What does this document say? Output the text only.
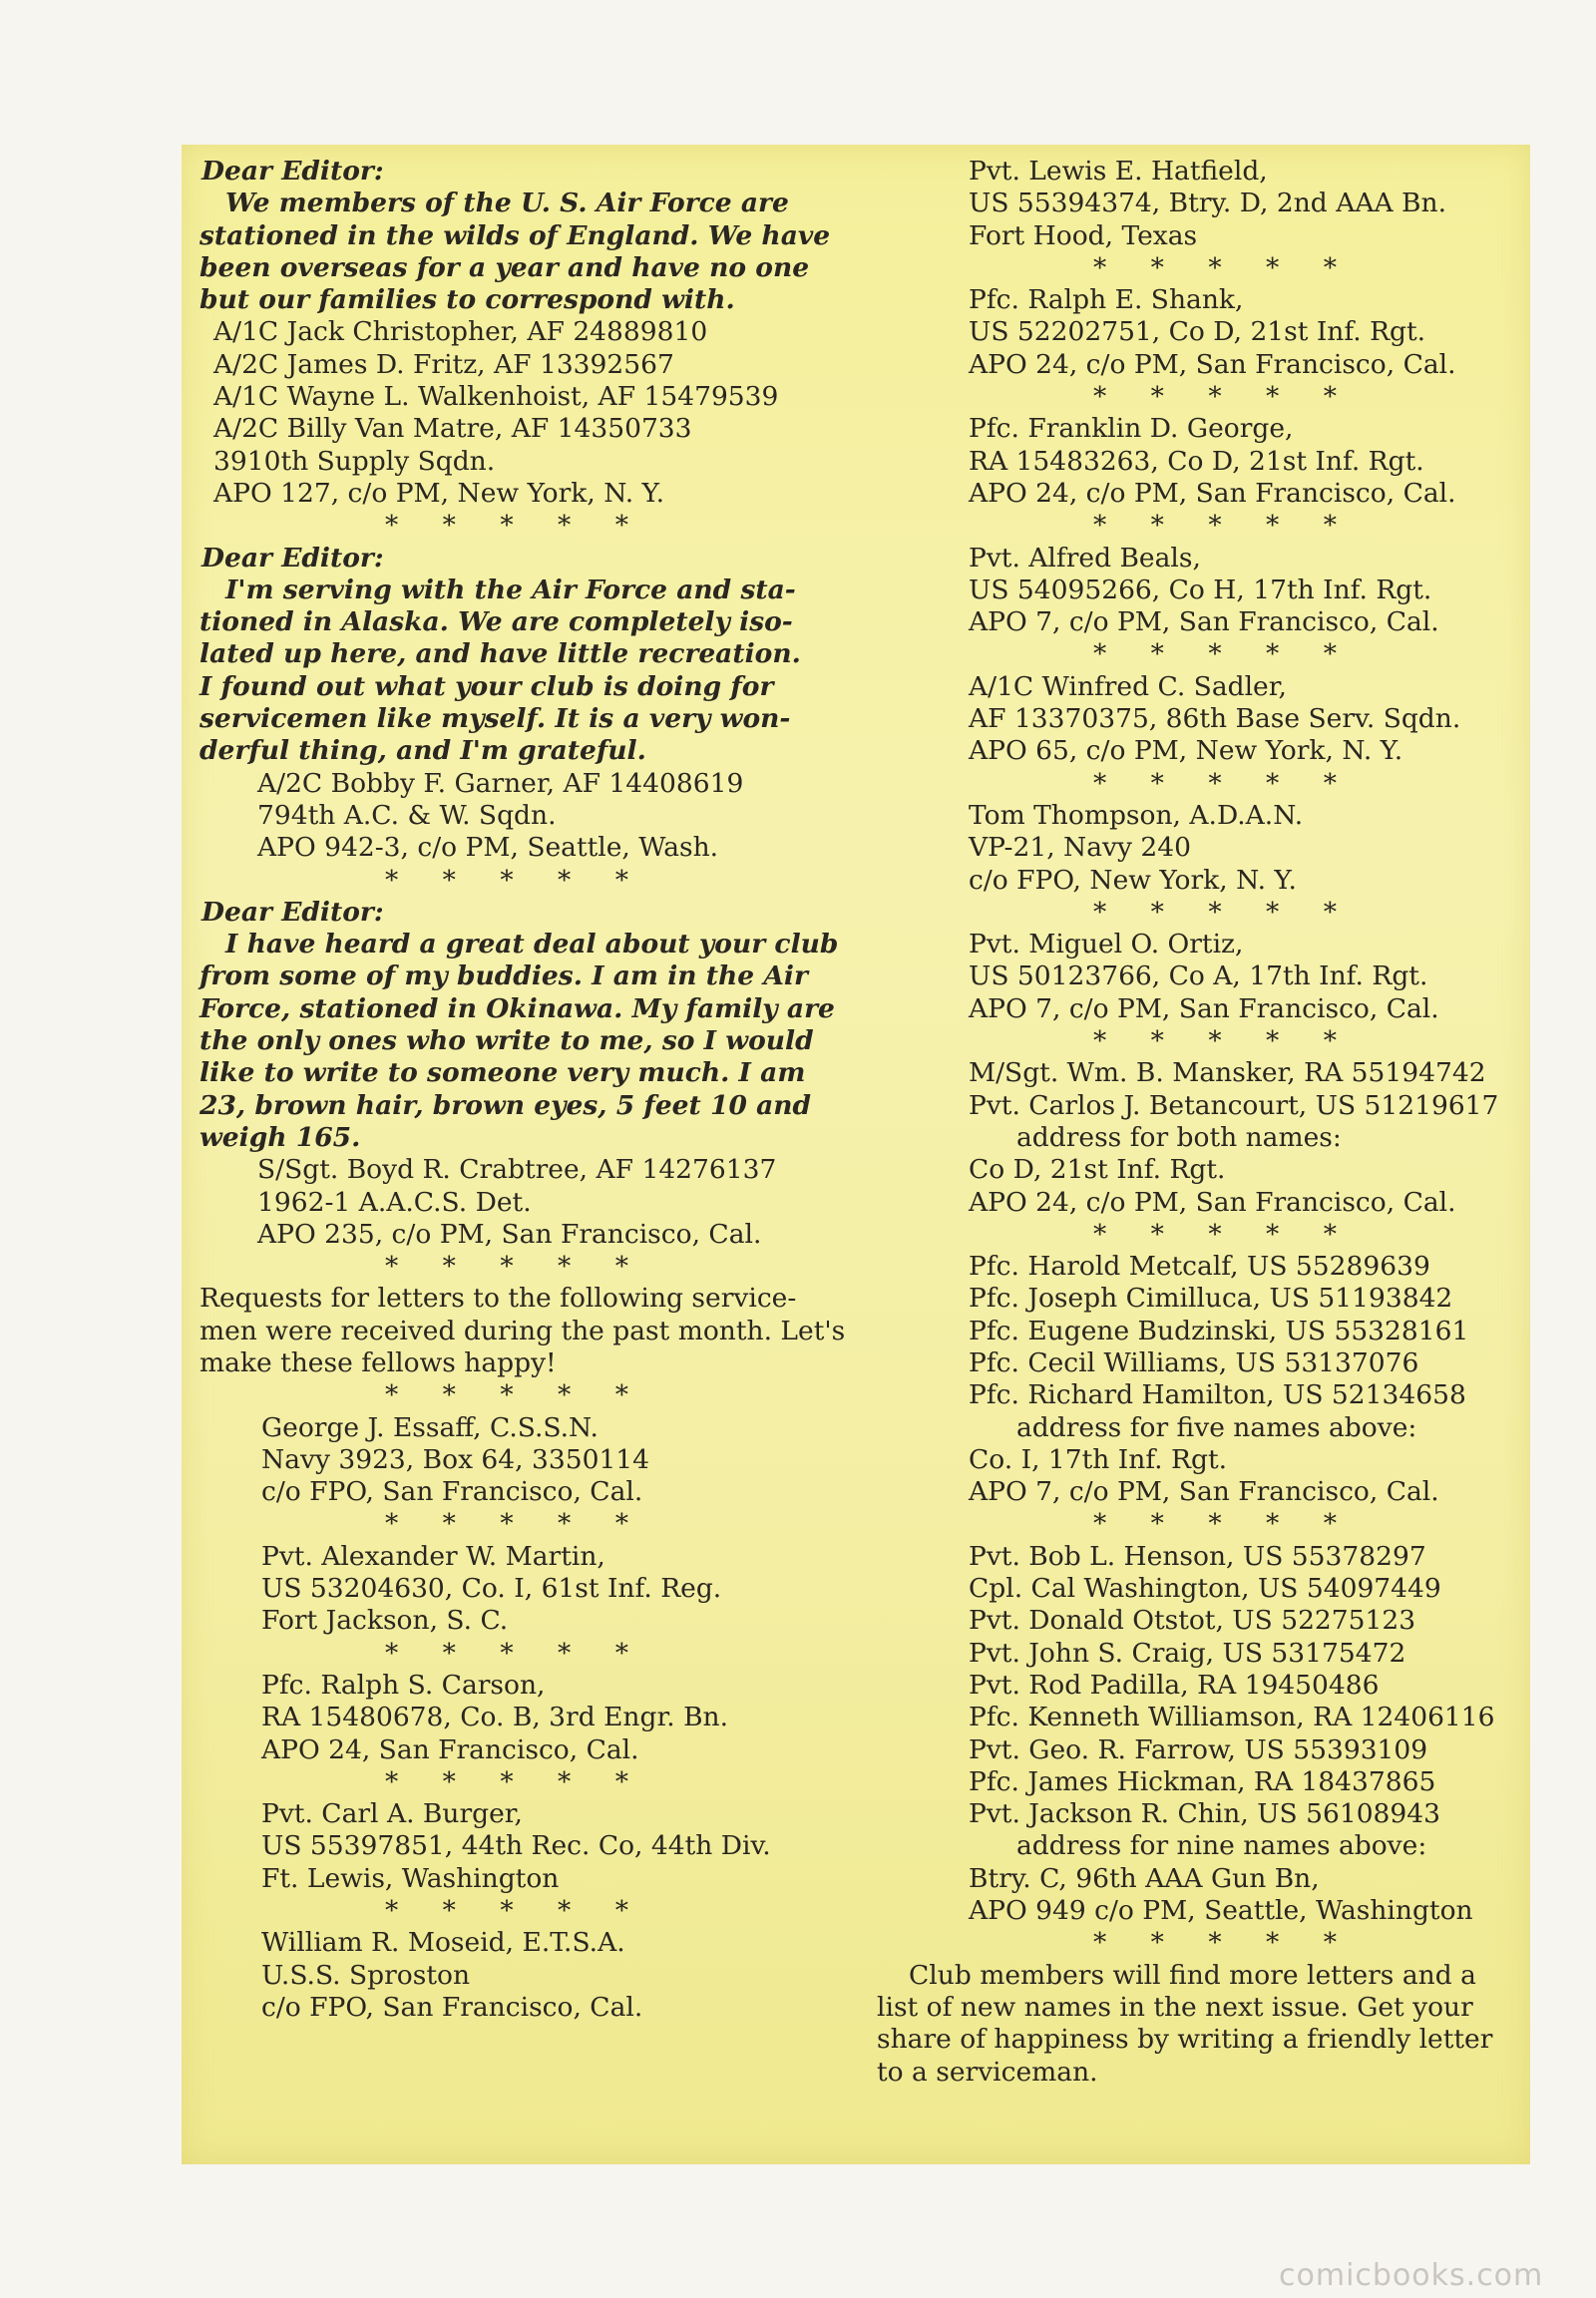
Dear Editor:
We members of the U. S. Air Force are
stationed in the wilds of England. We have
been overseas for a year and have no one
but our families to correspond with.
A/1C Jack Christopher, AF 24889810
A/2C James D. Fritz, AF 13392567
A/1C Wayne L. Walkenhoist, AF 15479539
A/2C Billy Van Matre, AF 14350733
3910th Supply Sqdn.
APO 127, c/o PM, New York, N. Y.
* * * * *
Dear Editor:
I'm serving with the Air Force and sta-
tioned in Alaska. We are completely iso-
lated up here, and have little recreation.
I found out what your club is doing for
servicemen like myself. It is a very won-
derful thing, and I'm grateful.
A/2C Bobby F. Garner, AF 14408619
794th A.C. & W. Sqdn.
APO 942-3, c/o PM, Seattle, Wash.
* * * * *
Dear Editor:
I have heard a great deal about your club
from some of my buddies. I am in the Air
Force, stationed in Okinawa. My family are
the only ones who write to me, so I would
like to write to someone very much. I am
23, brown hair, brown eyes, 5 feet 10 and
weigh 165.
S/Sgt. Boyd R. Crabtree, AF 14276137
1962-1 A.A.C.S. Det.
APO 235, c/o PM, San Francisco, Cal.
* * * * *
Requests for letters to the following service-
men were received during the past month. Let's
make these fellows happy!
* * * * *
George J. Essaff, C.S.S.N.
Navy 3923, Box 64, 3350114
c/o FPO, San Francisco, Cal.
* * * * *
Pvt. Alexander W. Martin,
US 53204630, Co. I, 61st Inf. Reg.
Fort Jackson, S. C.
* * * * *
Pfc. Ralph S. Carson,
RA 15480678, Co. B, 3rd Engr. Bn.
APO 24, San Francisco, Cal.
* * * * *
Pvt. Carl A. Burger,
US 55397851, 44th Rec. Co, 44th Div.
Ft. Lewis, Washington
* * * * *
William R. Moseid, E.T.S.A.
U.S.S. Sproston
c/o FPO, San Francisco, Cal.
Pvt. Lewis E. Hatfield,
US 55394374, Btry. D, 2nd AAA Bn.
Fort Hood, Texas
* * * * *
Pfc. Ralph E. Shank,
US 52202751, Co D, 21st Inf. Rgt.
APO 24, c/o PM, San Francisco, Cal.
* * * * *
Pfc. Franklin D. George,
RA 15483263, Co D, 21st Inf. Rgt.
APO 24, c/o PM, San Francisco, Cal.
* * * * *
Pvt. Alfred Beals,
US 54095266, Co H, 17th Inf. Rgt.
APO 7, c/o PM, San Francisco, Cal.
* * * * *
A/1C Winfred C. Sadler,
AF 13370375, 86th Base Serv. Sqdn.
APO 65, c/o PM, New York, N. Y.
* * * * *
Tom Thompson, A.D.A.N.
VP-21, Navy 240
c/o FPO, New York, N. Y.
* * * * *
Pvt. Miguel O. Ortiz,
US 50123766, Co A, 17th Inf. Rgt.
APO 7, c/o PM, San Francisco, Cal.
* * * * *
M/Sgt. Wm. B. Mansker, RA 55194742
Pvt. Carlos J. Betancourt, US 51219617
address for both names:
Co D, 21st Inf. Rgt.
APO 24, c/o PM, San Francisco, Cal.
* * * * *
Pfc. Harold Metcalf, US 55289639
Pfc. Joseph Cimilluca, US 51193842
Pfc. Eugene Budzinski, US 55328161
Pfc. Cecil Williams, US 53137076
Pfc. Richard Hamilton, US 52134658
address for five names above:
Co. I, 17th Inf. Rgt.
APO 7, c/o PM, San Francisco, Cal.
* * * * *
Pvt. Bob L. Henson, US 55378297
Cpl. Cal Washington, US 54097449
Pvt. Donald Otstot, US 52275123
Pvt. John S. Craig, US 53175472
Pvt. Rod Padilla, RA 19450486
Pfc. Kenneth Williamson, RA 12406116
Pvt. Geo. R. Farrow, US 55393109
Pfc. James Hickman, RA 18437865
Pvt. Jackson R. Chin, US 56108943
address for nine names above:
Btry. C, 96th AAA Gun Bn,
APO 949 c/o PM, Seattle, Washington
* * * * *
Club members will find more letters and a
list of new names in the next issue. Get your
share of happiness by writing a friendly letter
to a serviceman.
comicbooks.com
